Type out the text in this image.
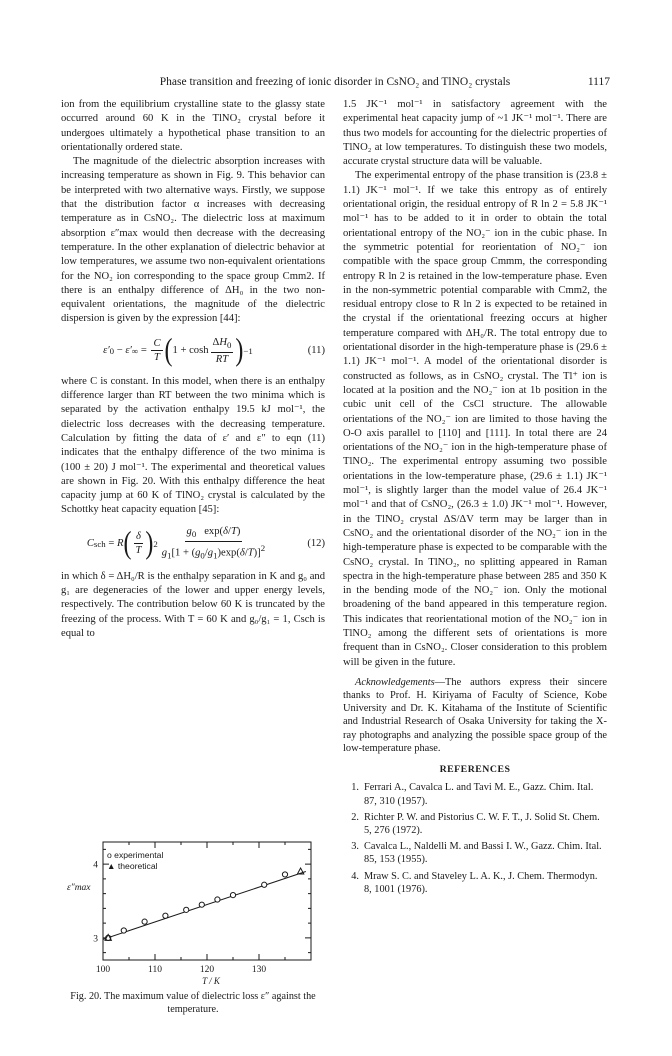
Phase transition and freezing of ionic disorder in CsNO₂ and TlNO₂ crystals	1117

ion from the equilibrium crystalline state to the glassy state occurred around 60 K in the TlNO₂ crystal before it undergoes ultimately a hypothetical phase transition to an orientationally ordered state.

The magnitude of the dielectric absorption increases with increasing temperature as shown in Fig. 9. This behavior can be interpreted with two alternative ways. Firstly, we suppose that the distribution factor α increases with decreasing temperature as in CsNO₂. The dielectric loss at maximum absorption ε″max would then decrease with the decreasing temperature. In the other explanation of dielectric behavior at low temperatures, we assume two non-equivalent orientations for the NO₂ ion corresponding to the space group Cmm2. If there is an enthalpy difference of ΔH₀ in the two non-equivalent orientations, the magnitude of the dielectric dispersion is given by the expression [44]:

ε′ 0 − ε′ ∞ = $\frac{C}{T}$ ( $1 + \cosh \frac{\Delta H_0}{RT}$ ) −1	(11)

where C is constant. In this model, when there is an enthalpy difference larger than RT between the two minima which is separated by the activation enthalpy 19.5 kJ mol⁻¹, the dielectric loss decreases with the decreasing temperature. Calculation by fitting the data of ε′ and ε″ to eqn (11) indicates that the enthalpy difference of the two minima is (100 ± 20) J mol⁻¹. The experimental and theoretical values are shown in Fig. 20. With this enthalpy difference the heat capacity jump at 60 K of TlNO₂ crystal is calculated by the Schottky heat capacity equation [45]:

C sch = R ( $\frac{\delta}{T}$ ) $2 \frac{g_0 \exp(\delta/T)}{g_1[1 + (g_0/g_1)\exp(\delta/T)]^2}$	(12)

in which δ = ΔH₀/R is the enthalpy separation in K and g₀ and g₁ are degeneracies of the lower and upper energy levels, respectively. The contribution below 60 K is truncated by the freezing of the process. With T = 60 K and g₀/g₁ = 1, Csch is equal to

100	110	120	130
3
4
T / K
ε″max
o experimental
▲ theoretical
Fig. 20. The maximum value of dielectric loss ε″ against the temperature.

1.5 JK⁻¹ mol⁻¹ in satisfactory agreement with the experimental heat capacity jump of ~1 JK⁻¹ mol⁻¹. There are thus two models for accounting for the dielectric properties of TlNO₂ at low temperatures. To distinguish these two models, accurate crystal structure data will be valuable.

The experimental entropy of the phase transition is (23.8 ± 1.1) JK⁻¹ mol⁻¹. If we take this entropy as of entirely orientational origin, the residual entropy of R ln 2 = 5.8 JK⁻¹ mol⁻¹ has to be added to it in order to obtain the total orientational entropy of the NO₂⁻ ion in the cubic phase. In the symmetric potential for reorientation of NO₂⁻ ion compatible with the space group Cmmm, the corresponding entropy R ln 2 is retained in the low-temperature phase. Even in the non-symmetric potential comparable with Cmm2, the residual entropy close to R ln 2 is expected to be retained in the crystal if the orientational freezing occurs at higher temperature compared with ΔH₀/R. The total entropy due to orientational disorder in the high-temperature phase is (29.6 ± 1.1) JK⁻¹ mol⁻¹. A model of the orientational disorder is constructed as follows, as in CsNO₂ crystal. The Tl⁺ ion is located at la position and the NO₂⁻ ion at 1b position in the cubic unit cell of the CsCl structure. The allowable orientations of the NO₂⁻ ion are limited to those having the O-O axis parallel to [110] and [111]. In total there are 24 orientations of the NO₂⁻ ion in the high-temperature phase of TlNO₂. The experimental entropy assuming two possible orientations in the low-temperature phase, (29.6 ± 1.1) JK⁻¹ mol⁻¹, is slightly larger than the model value of 26.4 JK⁻¹ mol⁻¹ and that of CsNO₂, (26.3 ± 1.0) JK⁻¹ mol⁻¹. However, in the TlNO₂ crystal ΔS/ΔV term may be larger than in CsNO₂ and the orientational disorder of the NO₂⁻ ion in the high-temperature phase is expected to be comparable with the CsNO₂ crystal. In TlNO₂, no splitting appeared in Raman spectra in the high-temperature phase between 285 and 350 K in the bending mode of the NO₂⁻ ion. Only the motional broadening of the band appeared in this temperature region. This indicates that reorientational motion of the NO₂⁻ ion in TlNO₂ among the different sets of orientations is more frequent than in CsNO₂. Closer consideration to this problem will be given in the future.

Acknowledgements—The authors express their sincere thanks to Prof. H. Kiriyama of Faculty of Science, Kobe University and Dr. K. Kitahama of the Institute of Scientific and Industrial Research of Osaka University for taking the X-ray photographs and analyzing the possible space group of the low-temperature phase.

REFERENCES
1. Ferrari A., Cavalca L. and Tavi M. E., Gazz. Chim. Ital. 87, 310 (1957).
2. Richter P. W. and Pistorius C. W. F. T., J. Solid St. Chem. 5, 276 (1972).
3. Cavalca L., Naldelli M. and Bassi I. W., Gazz. Chim. Ital. 85, 153 (1955).
4. Mraw S. C. and Staveley L. A. K., J. Chem. Thermodyn. 8, 1001 (1976).
